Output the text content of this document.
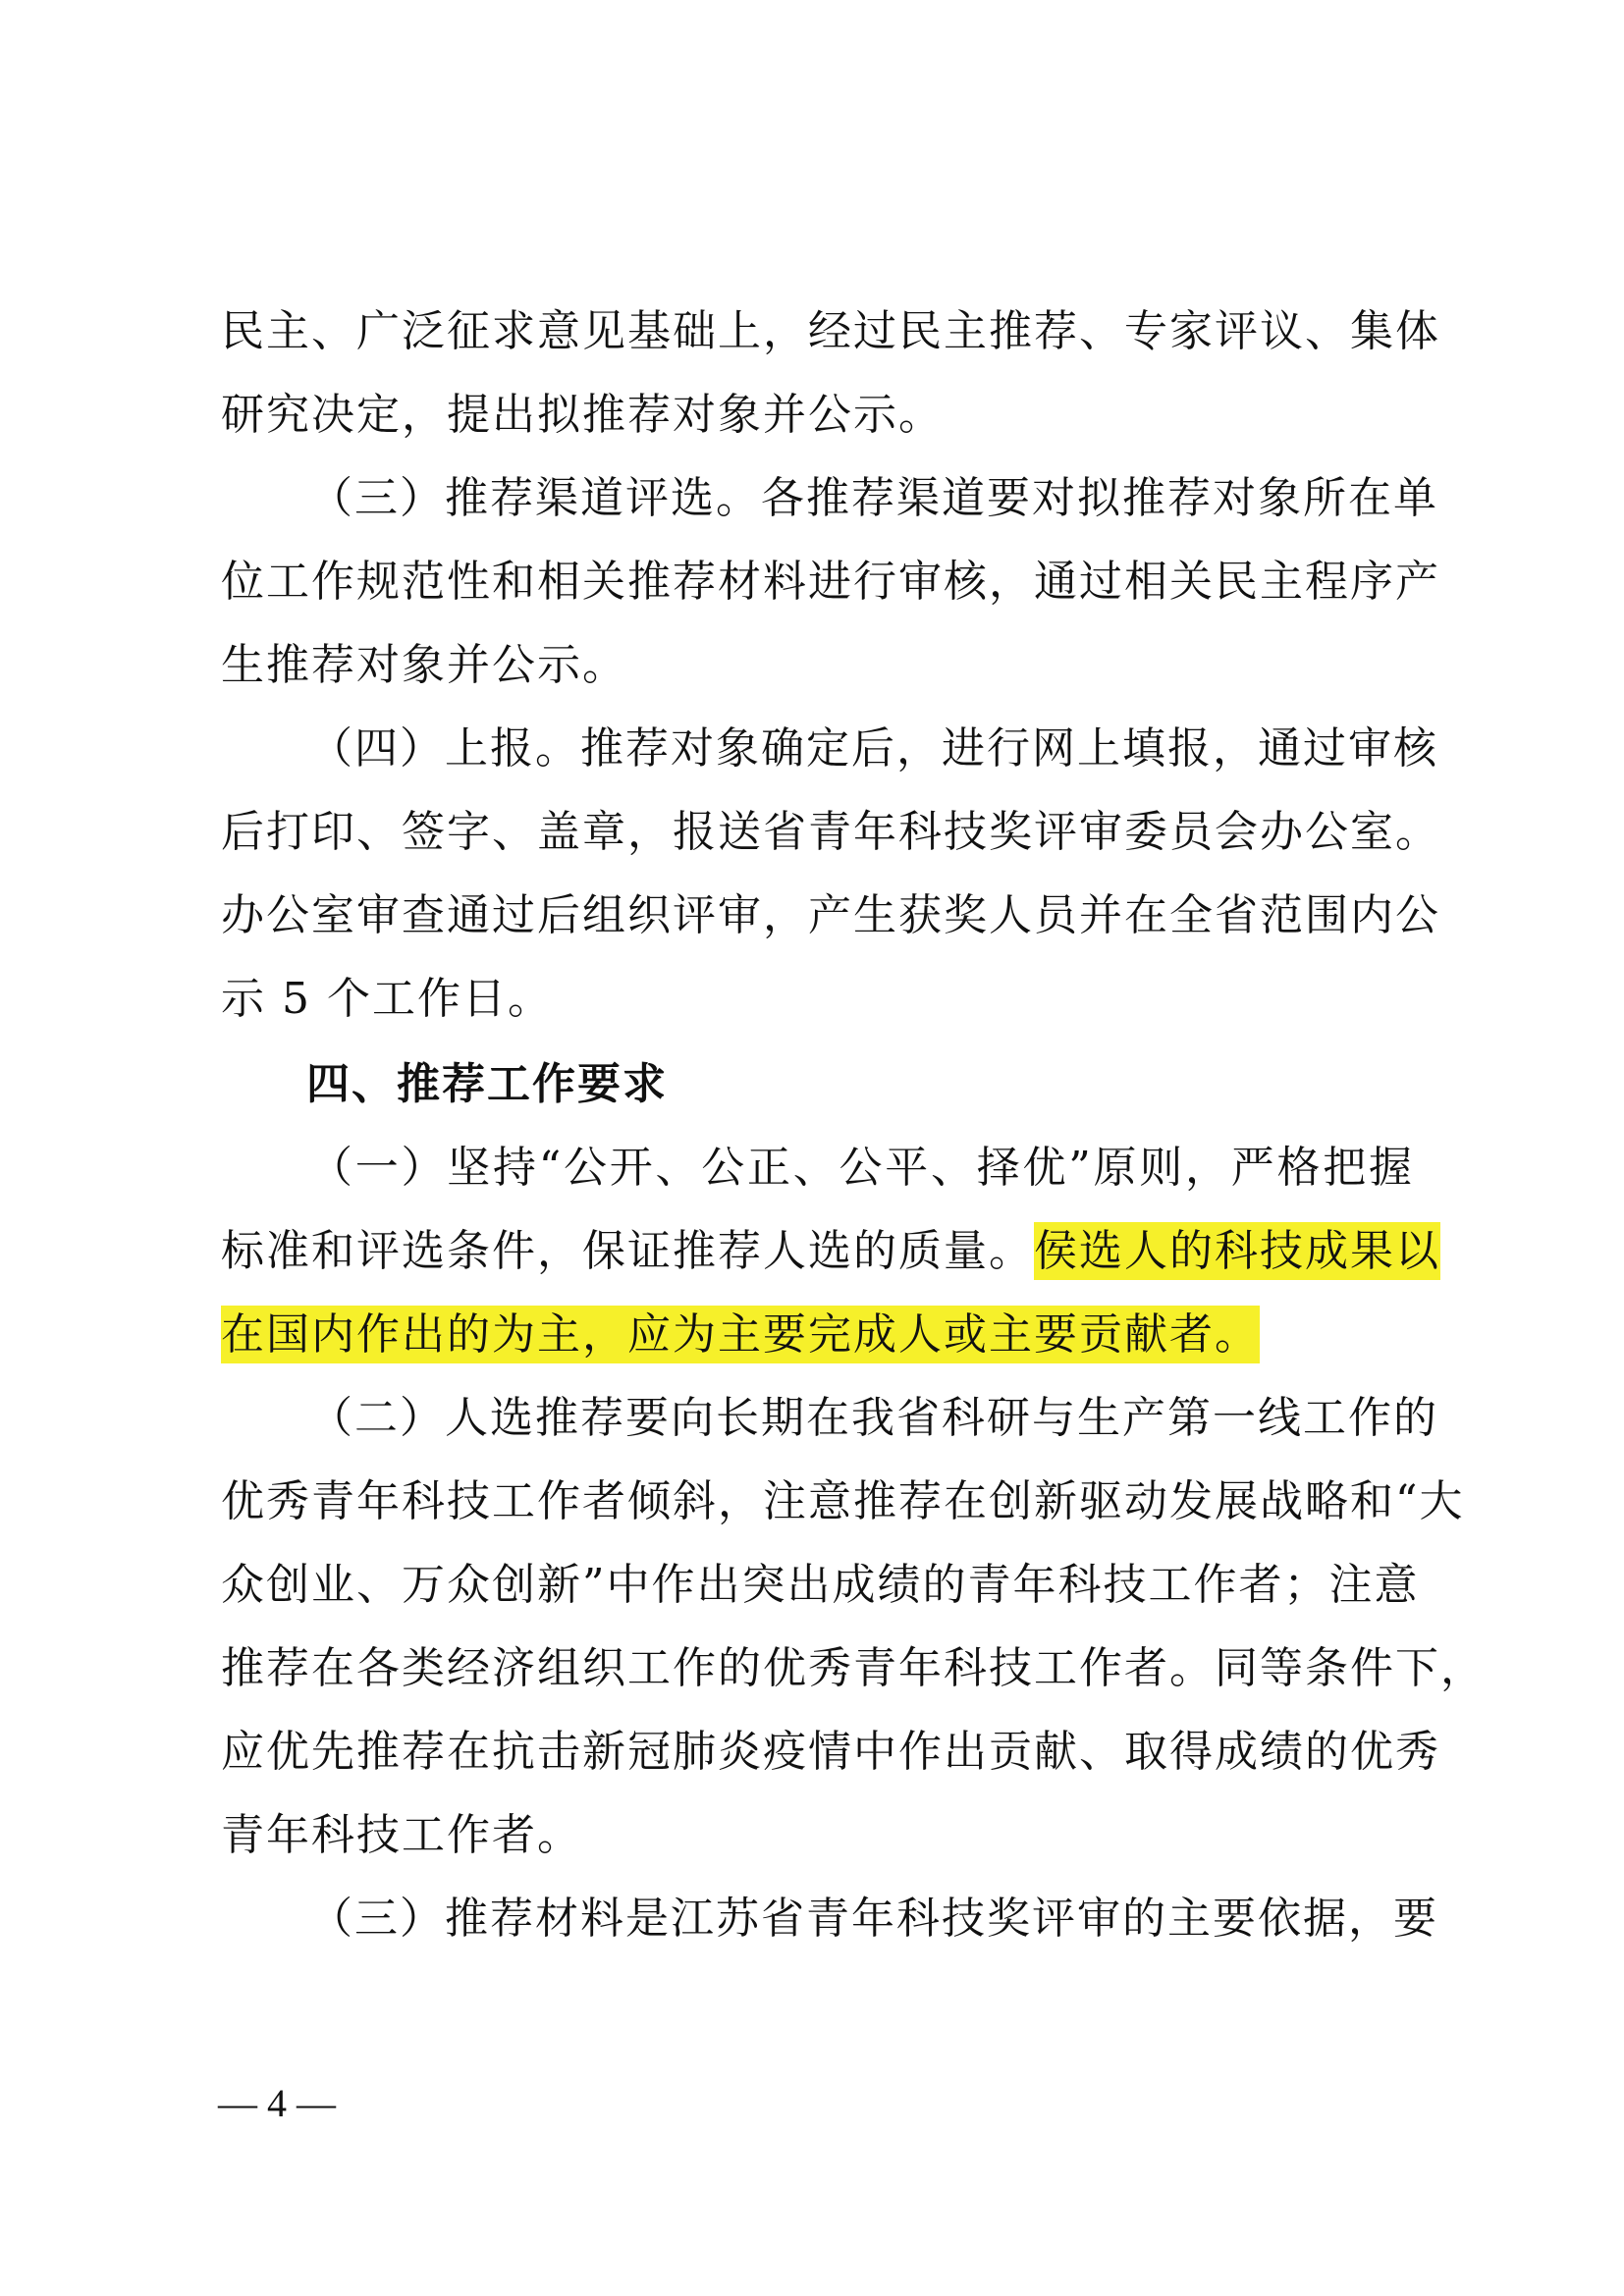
民主、广泛征求意见基础上，经过民主推荐、专家评议、集体
研究决定，提出拟推荐对象并公示。
（三）推荐渠道评选。各推荐渠道要对拟推荐对象所在单
位工作规范性和相关推荐材料进行审核，通过相关民主程序产
生推荐对象并公示。
（四）上报。推荐对象确定后，进行网上填报，通过审核
后打印、签字、盖章，报送省青年科技奖评审委员会办公室。
办公室审查通过后组织评审，产生获奖人员并在全省范围内公
示 5 个工作日。
四、推荐工作要求
（一）坚持“公开、公正、公平、择优”原则，严格把握
标准和评选条件，保证推荐人选的质量。侯选人的科技成果以
在国内作出的为主，应为主要完成人或主要贡献者。
（二）人选推荐要向长期在我省科研与生产第一线工作的
优秀青年科技工作者倾斜，注意推荐在创新驱动发展战略和“大
众创业、万众创新”中作出突出成绩的青年科技工作者；注意
推荐在各类经济组织工作的优秀青年科技工作者。同等条件下，
应优先推荐在抗击新冠肺炎疫情中作出贡献、取得成绩的优秀
青年科技工作者。
（三）推荐材料是江苏省青年科技奖评审的主要依据，要
— 4 —
